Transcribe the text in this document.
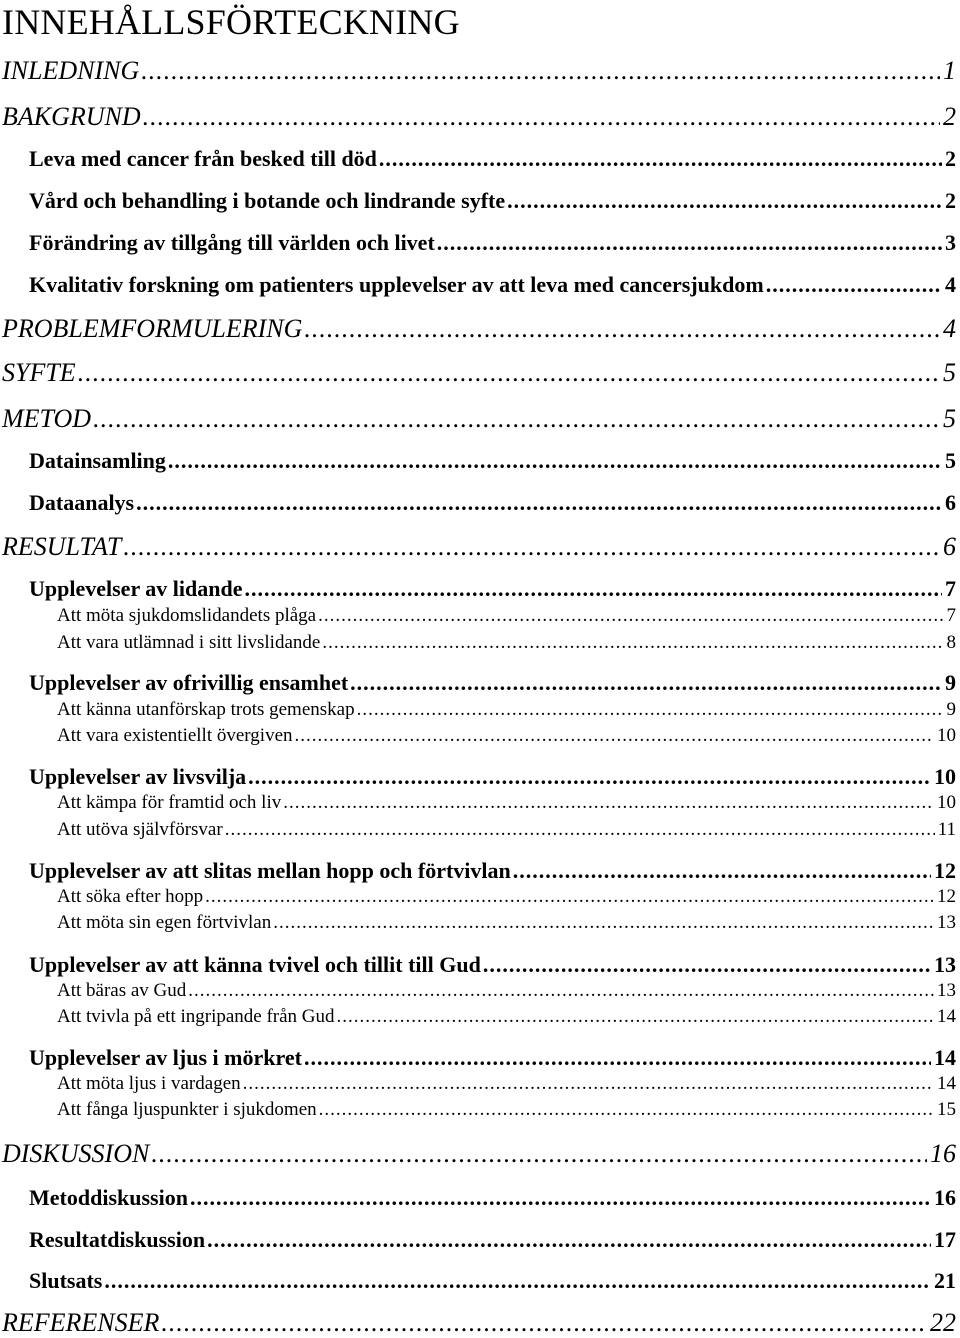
INNEHÅLLSFÖRTECKNING
INLEDNING .....	1
BAKGRUND .....	2
Leva med cancer från besked till död .....	2
Vård och behandling i botande och lindrande syfte .....	2
Förändring av tillgång till världen och livet .....	3
Kvalitativ forskning om patienters upplevelser av att leva med cancersjukdom .....	4
PROBLEMFORMULERING .....	4
SYFTE .....	5
METOD .....	5
Datainsamling .....	5
Dataanalys .....	6
RESULTAT .....	6
Upplevelser av lidande .....	7
Att möta sjukdomslidandets plåga .....	7
Att vara utlämnad i sitt livslidande .....	8
Upplevelser av ofrivillig ensamhet .....	9
Att känna utanförskap trots gemenskap .....	9
Att vara existentiellt övergiven .....	10
Upplevelser av livsvilja .....	10
Att kämpa för framtid och liv .....	10
Att utöva självförsvar .....	11
Upplevelser av att slitas mellan hopp och förtvivlan .....	12
Att söka efter hopp .....	12
Att möta sin egen förtvivlan .....	13
Upplevelser av att känna tvivel och tillit till Gud .....	13
Att bäras av Gud .....	13
Att tvivla på ett ingripande från Gud .....	14
Upplevelser av ljus i mörkret .....	14
Att möta ljus i vardagen .....	14
Att fånga ljuspunkter i sjukdomen .....	15
DISKUSSION .....	16
Metoddiskussion .....	16
Resultatdiskussion .....	17
Slutsats .....	21
REFERENSER .....	22
